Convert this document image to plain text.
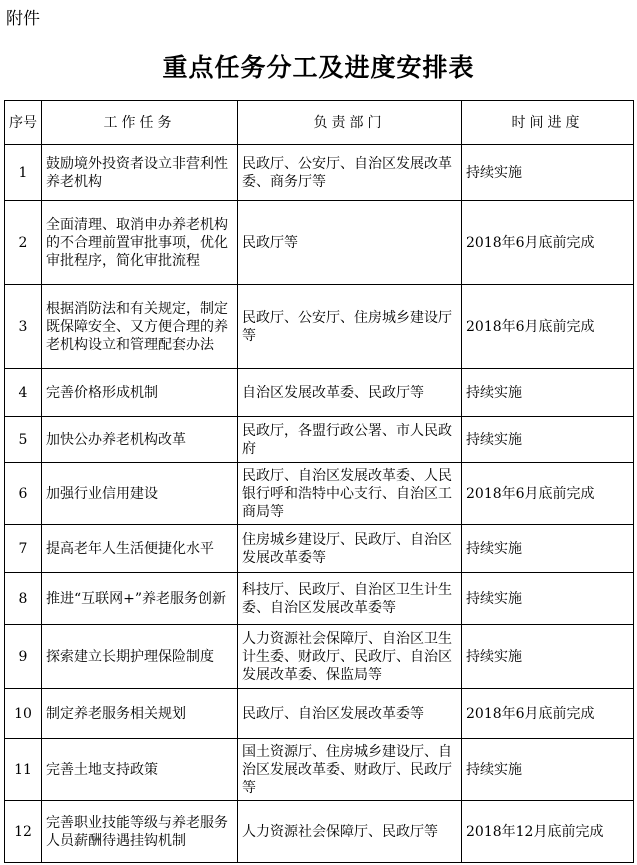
附件
重点任务分工及进度安排表
序号	工作任务	负责部门	时间进度
1	鼓励境外投资者设立非营利性养老机构	民政厅、公安厅、自治区发展改革委、商务厅等	持续实施
2	全面清理、取消申办养老机构的不合理前置审批事项，优化审批程序，简化审批流程	民政厅等	2018年6月底前完成
3	根据消防法和有关规定，制定既保障安全、又方便合理的养老机构设立和管理配套办法	民政厅、公安厅、住房城乡建设厅等	2018年6月底前完成
4	完善价格形成机制	自治区发展改革委、民政厅等	持续实施
5	加快公办养老机构改革	民政厅，各盟行政公署、市人民政府	持续实施
6	加强行业信用建设	民政厅、自治区发展改革委、人民银行呼和浩特中心支行、自治区工商局等	2018年6月底前完成
7	提高老年人生活便捷化水平	住房城乡建设厅、民政厅、自治区发展改革委等	持续实施
8	推进“互联网+”养老服务创新	科技厅、民政厅、自治区卫生计生委、自治区发展改革委等	持续实施
9	探索建立长期护理保险制度	人力资源社会保障厅、自治区卫生计生委、财政厅、民政厅、自治区发展改革委、保监局等	持续实施
10	制定养老服务相关规划	民政厅、自治区发展改革委等	2018年6月底前完成
11	完善土地支持政策	国土资源厅、住房城乡建设厅、自治区发展改革委、财政厅、民政厅等	持续实施
12	完善职业技能等级与养老服务人员薪酬待遇挂钩机制	人力资源社会保障厅、民政厅等	2018年12月底前完成
